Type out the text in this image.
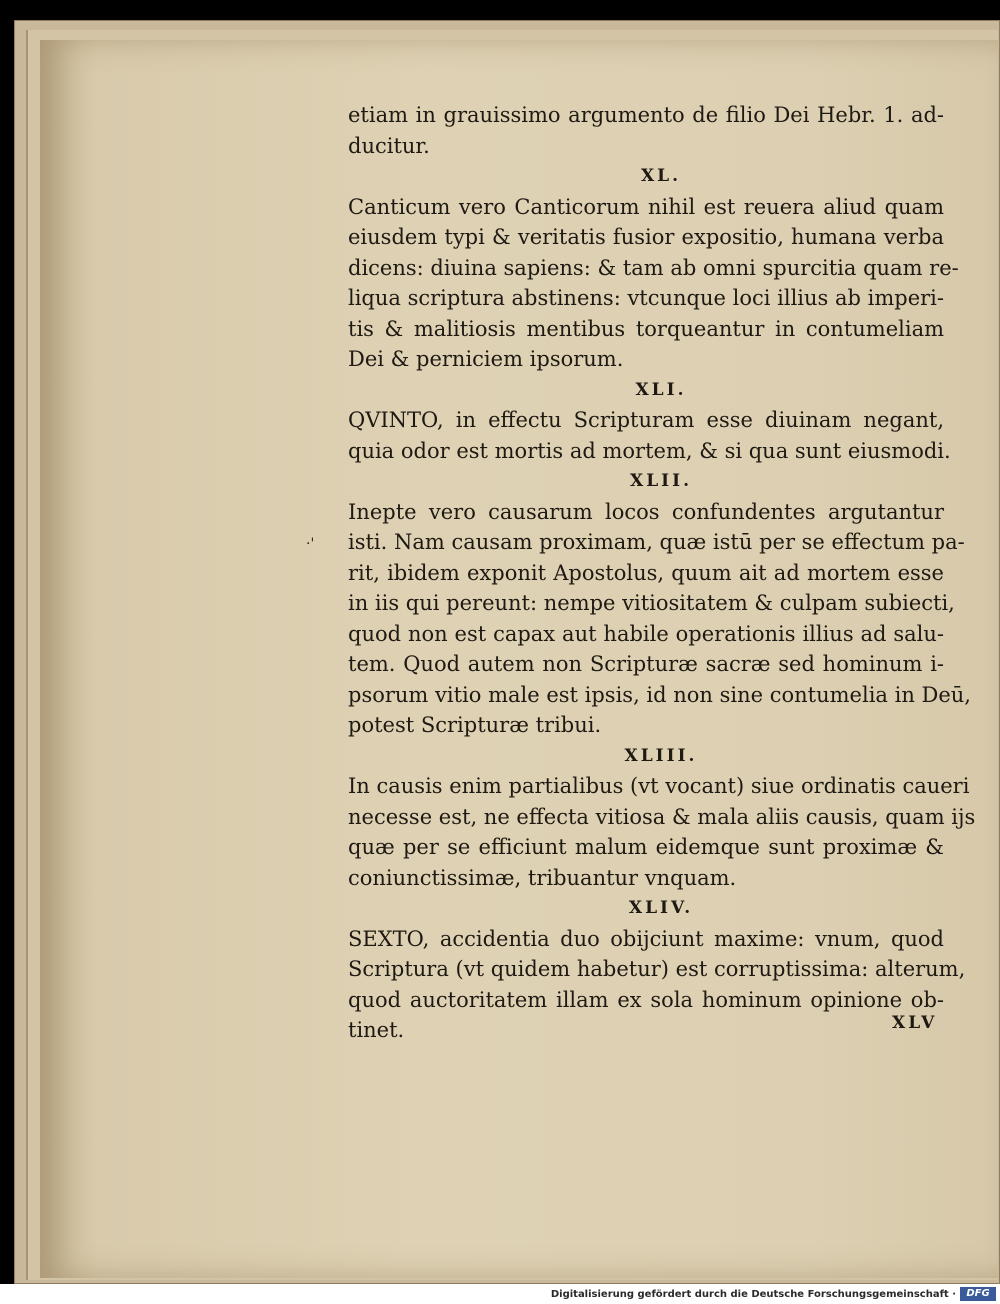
etiam in grauissimo argumento de filio Dei Hebr. 1. ad-
ducitur.
XL.
Canticum vero Canticorum nihil est reuera aliud quam
eiusdem typi & veritatis fusior expositio, humana verba
dicens: diuina sapiens: & tam ab omni spurcitia quam re-
liqua scriptura abstinens: vtcunque loci illius ab imperi-
tis & malitiosis mentibus torqueantur in contumeliam
Dei & perniciem ipsorum.
XLI.
QVINTO, in effectu Scripturam esse diuinam negant,
quia odor est mortis ad mortem, & si qua sunt eiusmodi.
XLII.
Inepte vero causarum locos confundentes argutantur
isti. Nam causam proximam, quæ istū per se effectum pa-
rit, ibidem exponit Apostolus, quum ait ad mortem esse
in iis qui pereunt: nempe vitiositatem & culpam subiecti,
quod non est capax aut habile operationis illius ad salu-
tem. Quod autem non Scripturæ sacræ sed hominum i-
psorum vitio male est ipsis, id non sine contumelia in Deū,
potest Scripturæ tribui.
XLIII.
In causis enim partialibus (vt vocant) siue ordinatis caueri
necesse est, ne effecta vitiosa & mala aliis causis, quam ijs
quæ per se efficiunt malum eidemque sunt proximæ &
coniunctissimæ, tribuantur vnquam.
XLIV.
SEXTO, accidentia duo obijciunt maxime: vnum, quod
Scriptura (vt quidem habetur) est corruptissima: alterum,
quod auctoritatem illam ex sola hominum opinione ob-
tinet.
·'
XLV
Digitalisierung gefördert durch die Deutsche Forschungsgemeinschaft ·	DFG
